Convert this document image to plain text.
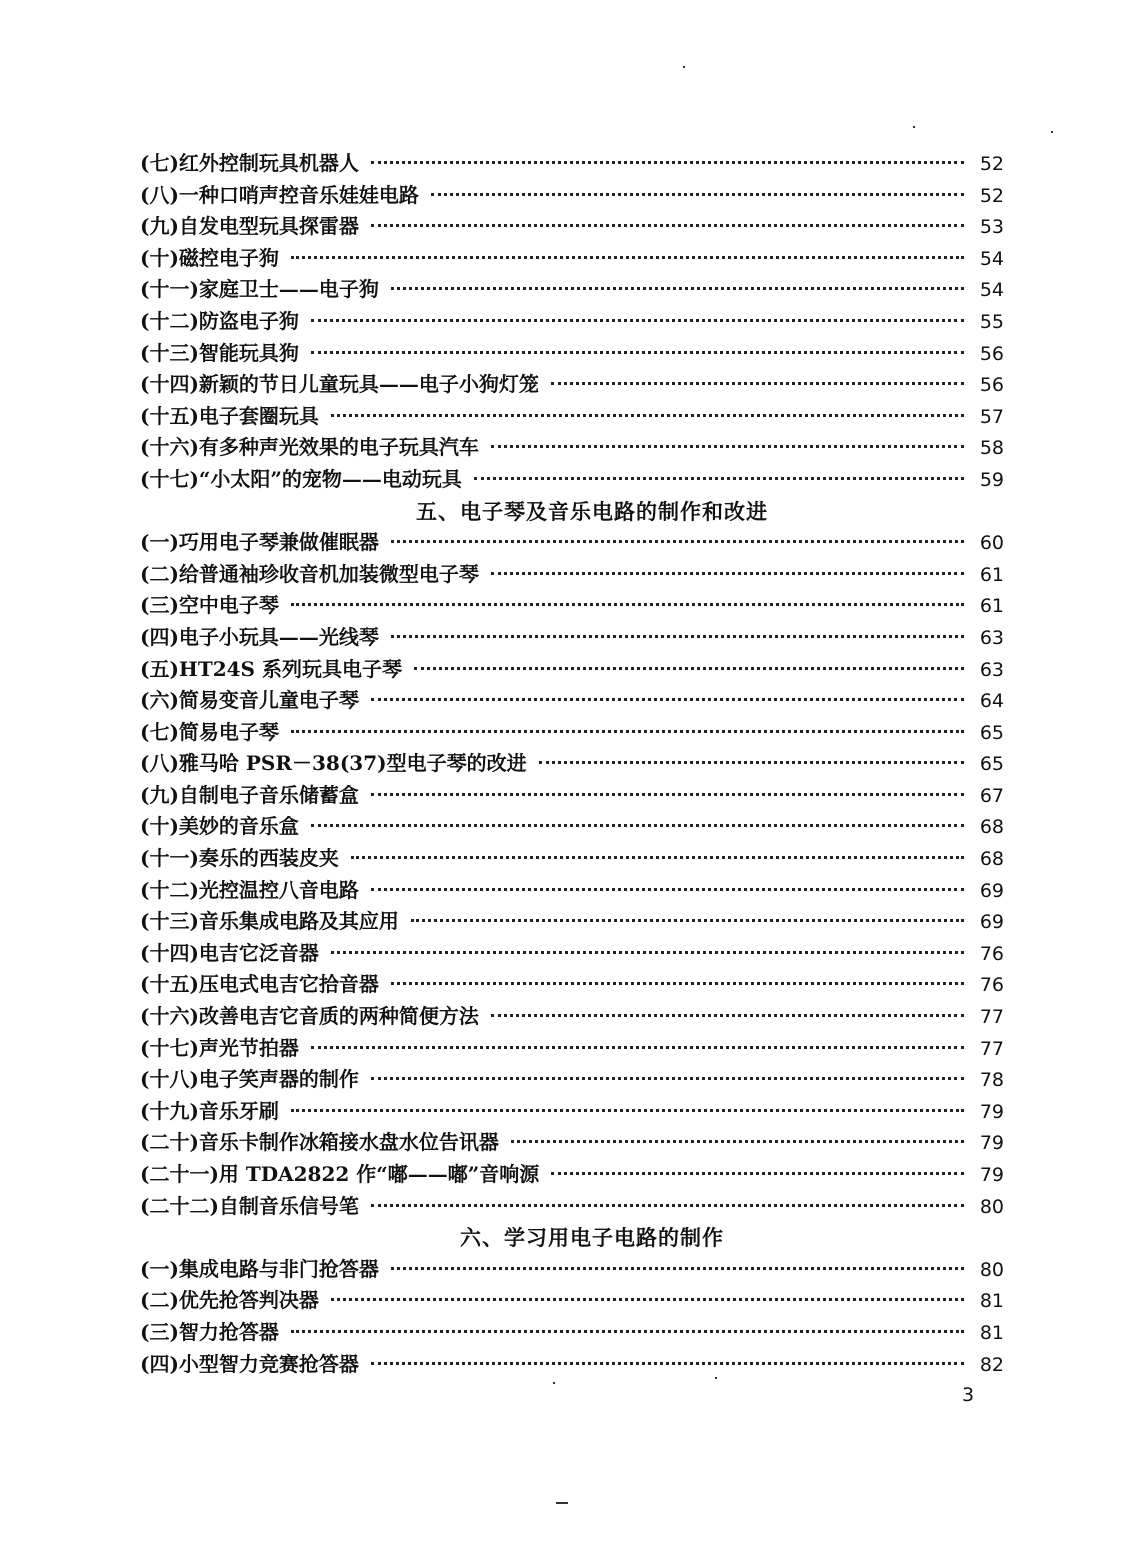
(七)红外控制玩具机器人	52
(八)一种口哨声控音乐娃娃电路	52
(九)自发电型玩具探雷器	53
(十)磁控电子狗	54
(十一)家庭卫士——电子狗	54
(十二)防盗电子狗	55
(十三)智能玩具狗	56
(十四)新颖的节日儿童玩具——电子小狗灯笼	56
(十五)电子套圈玩具	57
(十六)有多种声光效果的电子玩具汽车	58
(十七)“小太阳”的宠物——电动玩具	59
五、电子琴及音乐电路的制作和改进
(一)巧用电子琴兼做催眠器	60
(二)给普通袖珍收音机加装微型电子琴	61
(三)空中电子琴	61
(四)电子小玩具——光线琴	63
(五)HT24S 系列玩具电子琴	63
(六)简易变音儿童电子琴	64
(七)简易电子琴	65
(八)雅马哈 PSR－38(37)型电子琴的改进	65
(九)自制电子音乐储蓄盒	67
(十)美妙的音乐盒	68
(十一)奏乐的西装皮夹	68
(十二)光控温控八音电路	69
(十三)音乐集成电路及其应用	69
(十四)电吉它泛音器	76
(十五)压电式电吉它拾音器	76
(十六)改善电吉它音质的两种简便方法	77
(十七)声光节拍器	77
(十八)电子笑声器的制作	78
(十九)音乐牙刷	79
(二十)音乐卡制作冰箱接水盘水位告讯器	79
(二十一)用 TDA2822 作“嘟——嘟”音响源	79
(二十二)自制音乐信号笔	80
六、学习用电子电路的制作
(一)集成电路与非门抢答器	80
(二)优先抢答判决器	81
(三)智力抢答器	81
(四)小型智力竞赛抢答器	82
3
